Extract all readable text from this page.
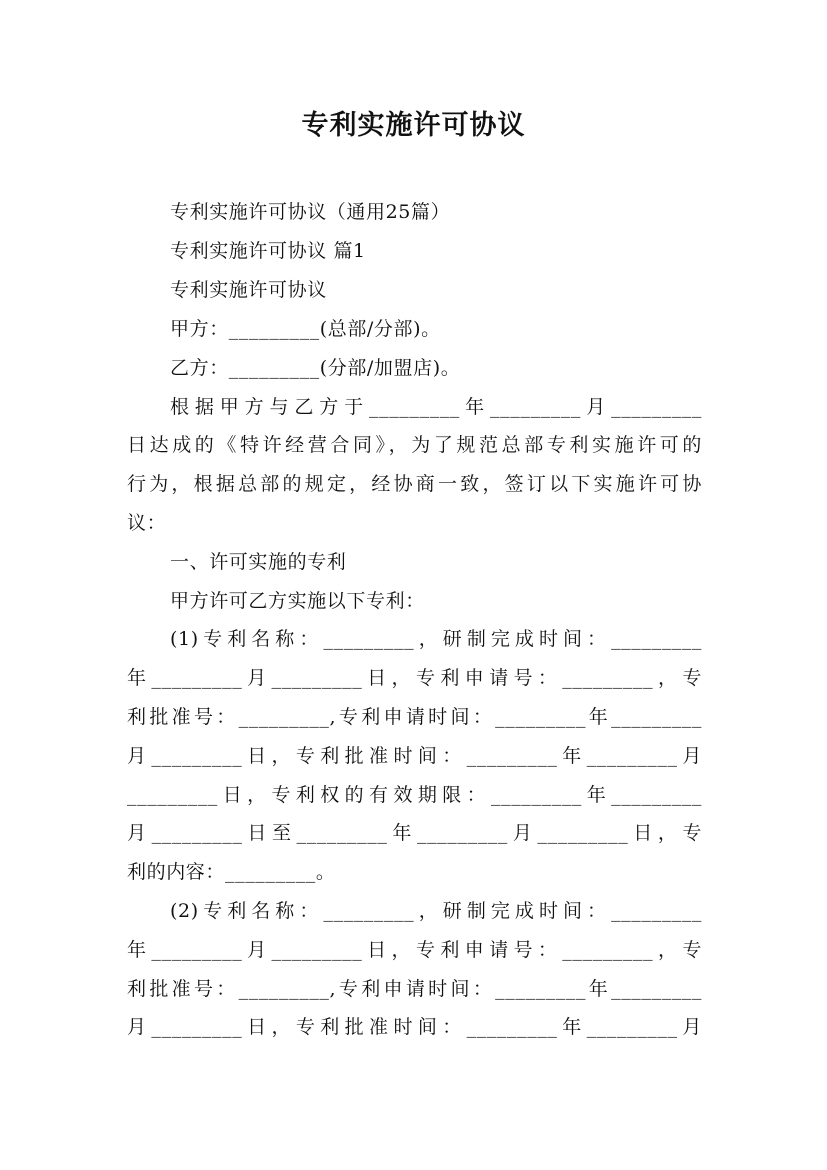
专利实施许可协议
专利实施许可协议（通用25篇）
专利实施许可协议 篇1
专利实施许可协议
甲方：_________(总部/分部)。
乙方：_________(分部/加盟店)。
根据甲方与乙方于_________年_________月_________
日达成的《特许经营合同》，为了规范总部专利实施许可的
行为，根据总部的规定，经协商一致，签订以下实施许可协
议：
一、许可实施的专利
甲方许可乙方实施以下专利：
(1)专利名称：_________，研制完成时间：_________
年_________月_________日，专利申请号：_________，专
利批准号：_________,专利申请时间：_________年_________
月_________日，专利批准时间：_________年_________月
_________日，专利权的有效期限：_________年_________
月_________日至_________年_________月_________日，专
利的内容：_________。
(2)专利名称：_________，研制完成时间：_________
年_________月_________日，专利申请号：_________，专
利批准号：_________,专利申请时间：_________年_________
月_________日，专利批准时间：_________年_________月
